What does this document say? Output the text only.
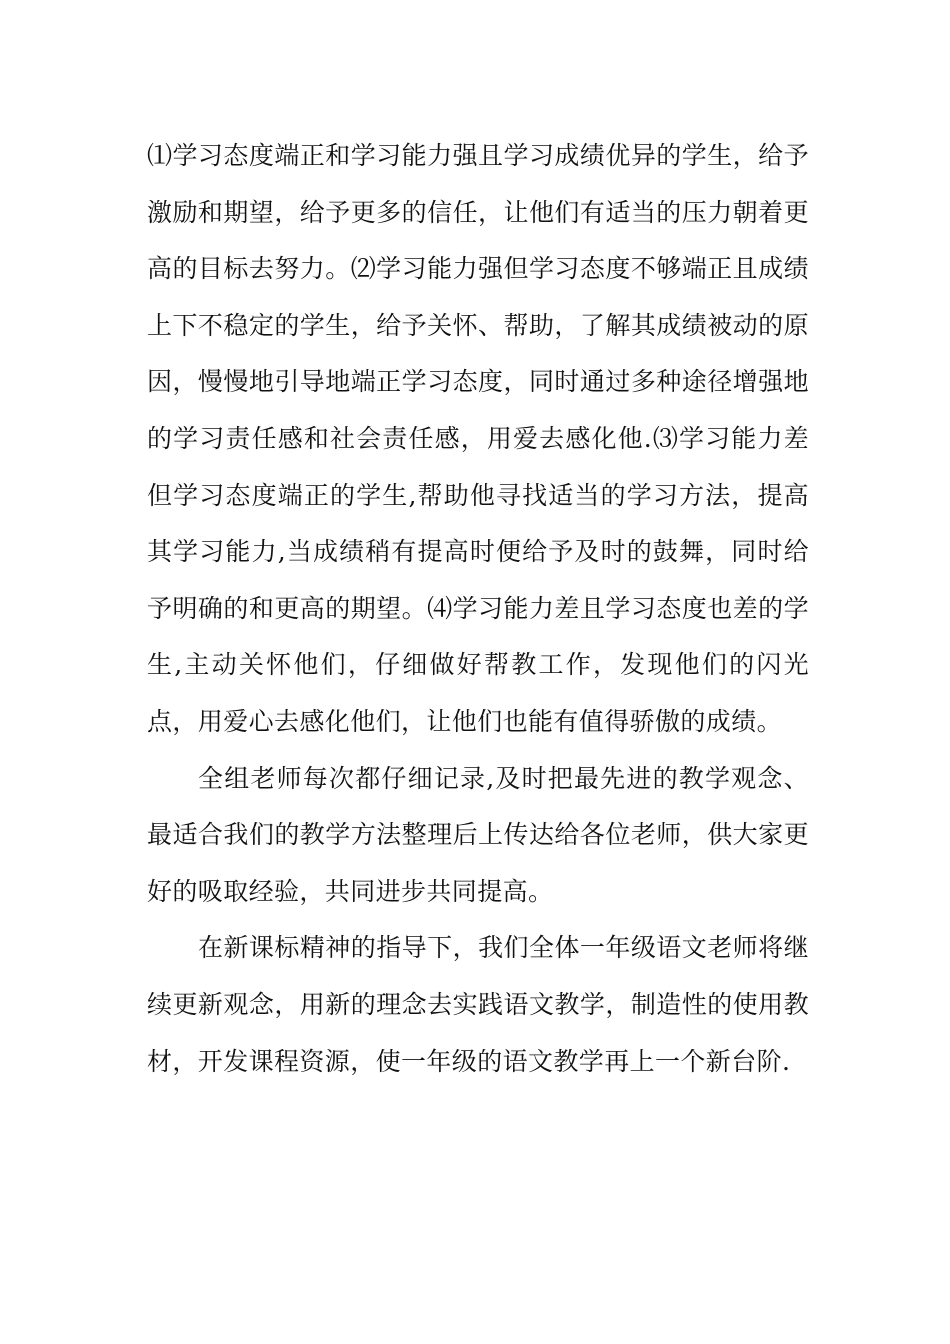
⑴学习态度端正和学习能力强且学习成绩优异的学生，给予激励和期望，给予更多的信任，让他们有适当的压力朝着更高的目标去努力。⑵学习能力强但学习态度不够端正且成绩上下不稳定的学生，给予关怀、帮助，了解其成绩被动的原因，慢慢地引导地端正学习态度，同时通过多种途径增强地的学习责任感和社会责任感，用爱去感化他.⑶学习能力差但学习态度端正的学生,帮助他寻找适当的学习方法，提高其学习能力,当成绩稍有提高时便给予及时的鼓舞，同时给予明确的和更高的期望。⑷学习能力差且学习态度也差的学生,主动关怀他们，仔细做好帮教工作，发现他们的闪光点，用爱心去感化他们，让他们也能有值得骄傲的成绩。

全组老师每次都仔细记录,及时把最先进的教学观念、最适合我们的教学方法整理后上传达给各位老师，供大家更好的吸取经验，共同进步共同提高。

在新课标精神的指导下，我们全体一年级语文老师将继续更新观念，用新的理念去实践语文教学，制造性的使用教材，开发课程资源，使一年级的语文教学再上一个新台阶.
